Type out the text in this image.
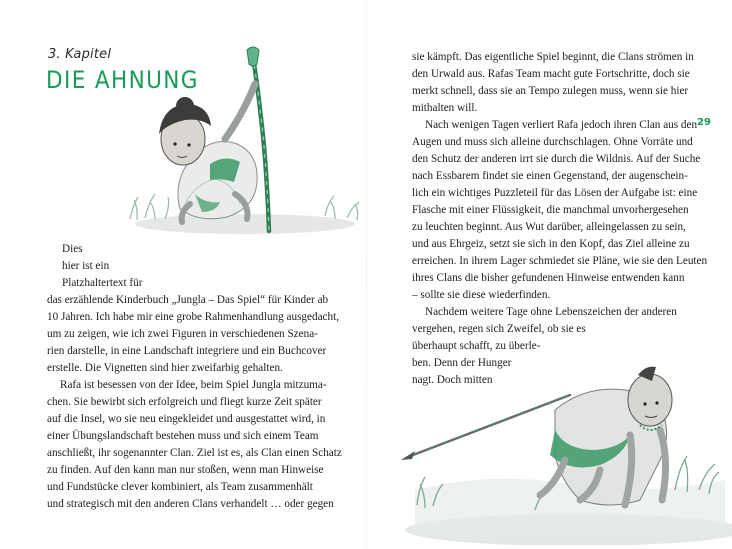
3. Kapitel
DIE AHNUNG
Dies
hier ist ein
Platzhaltertext für
das erzählende Kinderbuch „Jungla – Das Spiel“ für Kinder ab
10 Jahren. Ich habe mir eine grobe Rahmenhandlung ausgedacht,
um zu zeigen, wie ich zwei Figuren in verschiedenen Szena-
rien darstelle, in eine Landschaft integriere und ein Buchcover
erstelle. Die Vignetten sind hier zweifarbig gehalten.
Rafa ist besessen von der Idee, beim Spiel Jungla mitzuma-
chen. Sie bewirbt sich erfolgreich und fliegt kurze Zeit später
auf die Insel, wo sie neu eingekleidet und ausgestattet wird, in
einer Übungslandschaft bestehen muss und sich einem Team
anschließt, ihr sogenannter Clan. Ziel ist es, als Clan einen Schatz
zu finden. Auf den kann man nur stoßen, wenn man Hinweise
und Fundstücke clever kombiniert, als Team zusammenhält
und strategisch mit den anderen Clans verhandelt … oder gegen
29
sie kämpft. Das eigentliche Spiel beginnt, die Clans strömen in
den Urwald aus. Rafas Team macht gute Fortschritte, doch sie
merkt schnell, dass sie an Tempo zulegen muss, wenn sie hier
mithalten will.
Nach wenigen Tagen verliert Rafa jedoch ihren Clan aus den
Augen und muss sich alleine durchschlagen. Ohne Vorräte und
den Schutz der anderen irrt sie durch die Wildnis. Auf der Suche
nach Essbarem findet sie einen Gegenstand, der augenschein-
lich ein wichtiges Puzzleteil für das Lösen der Aufgabe ist: eine
Flasche mit einer Flüssigkeit, die manchmal unvorhergesehen
zu leuchten beginnt. Aus Wut darüber, alleingelassen zu sein,
und aus Ehrgeiz, setzt sie sich in den Kopf, das Ziel alleine zu
erreichen. In ihrem Lager schmiedet sie Pläne, wie sie den Leuten
ihres Clans die bisher gefundenen Hinweise entwenden kann
– sollte sie diese wiederfinden.
Nachdem weitere Tage ohne Lebenszeichen der anderen
vergehen, regen sich Zweifel, ob sie es
überhaupt schafft, zu überle-
ben. Denn der Hunger
nagt. Doch mitten
